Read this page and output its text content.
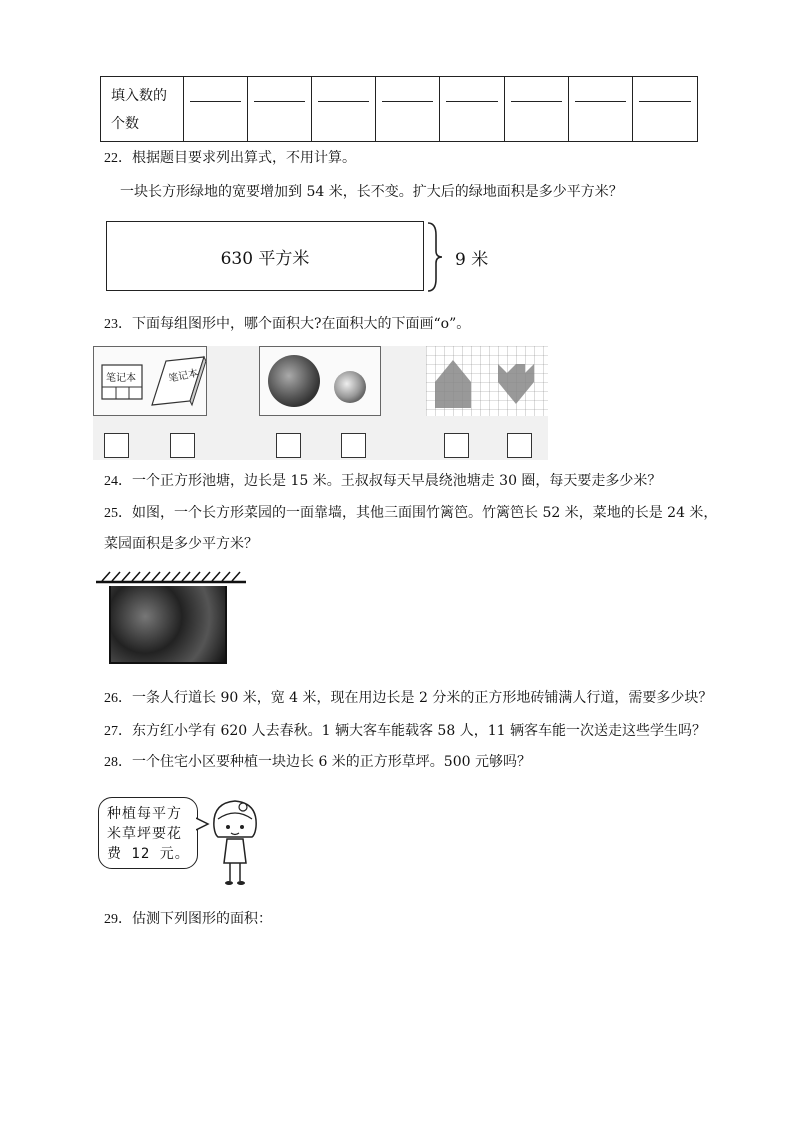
填入数的
个数
22．根据题目要求列出算式，不用计算。
一块长方形绿地的宽要增加到 54 米，长不变。扩大后的绿地面积是多少平方米？
630 平方米	9 米
23．下面每组图形中，哪个面积大?在面积大的下面画“o”。
笔记本	笔记本
24．一个正方形池塘，边长是 15 米。王叔叔每天早晨绕池塘走 30 圈，每天要走多少米？
25．如图，一个长方形菜园的一面靠墙，其他三面围竹篱笆。竹篱笆长 52 米，菜地的长是 24 米，
菜园面积是多少平方米？
26．一条人行道长 90 米，宽 4 米，现在用边长是 2 分米的正方形地砖铺满人行道，需要多少块？
27．东方红小学有 620 人去春秋。1 辆大客车能载客 58 人，11 辆客车能一次送走这些学生吗？
28．一个住宅小区要种植一块边长 6 米的正方形草坪。500 元够吗？
种植每平方
米草坪要花
费 12 元。
29．估测下列图形的面积：
